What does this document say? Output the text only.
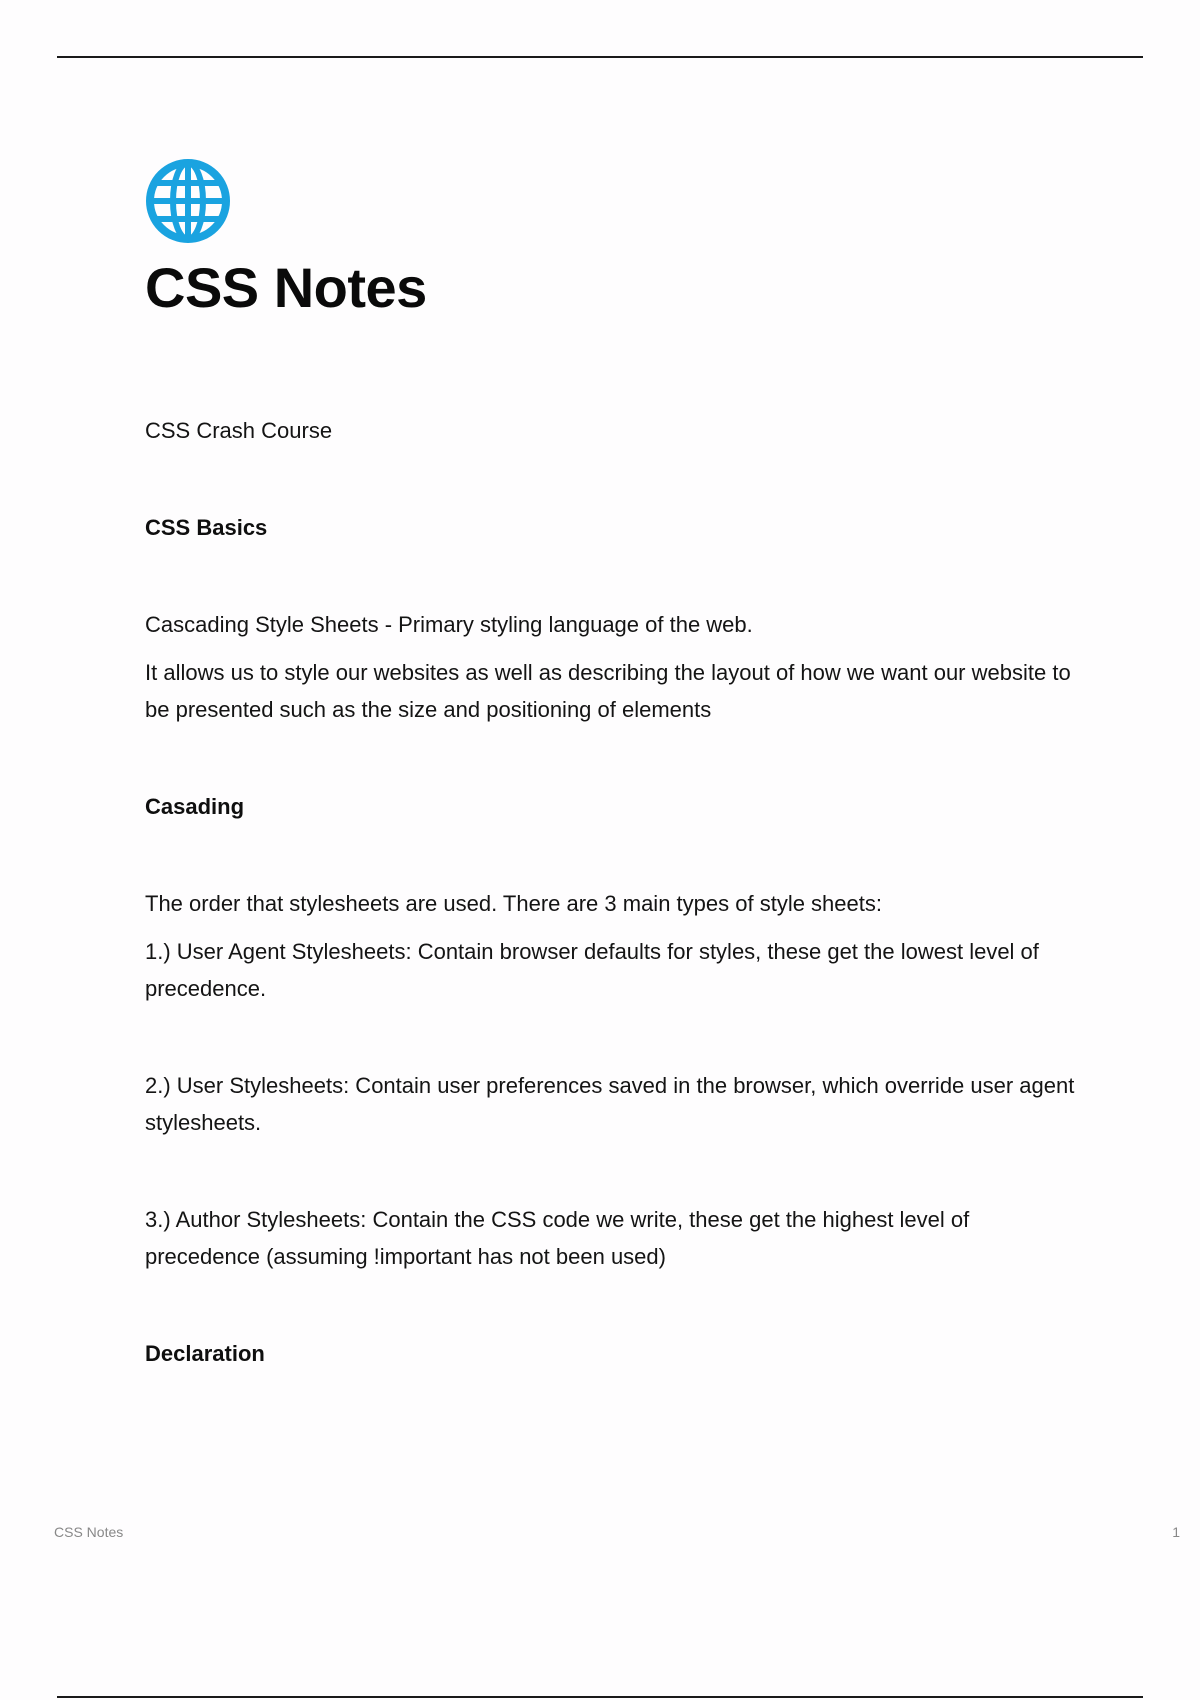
CSS Notes

CSS Crash Course

CSS Basics

Cascading Style Sheets - Primary styling language of the web.

It allows us to style our websites as well as describing the layout of how we want our website to be presented such as the size and positioning of elements

Casading

The order that stylesheets are used. There are 3 main types of style sheets:

1.) User Agent Stylesheets: Contain browser defaults for styles, these get the lowest level of precedence.

2.) User Stylesheets: Contain user preferences saved in the browser, which override user agent stylesheets.

3.) Author Stylesheets: Contain the CSS code we write, these get the highest level of precedence (assuming !important has not been used)

Declaration

CSS Notes	1
